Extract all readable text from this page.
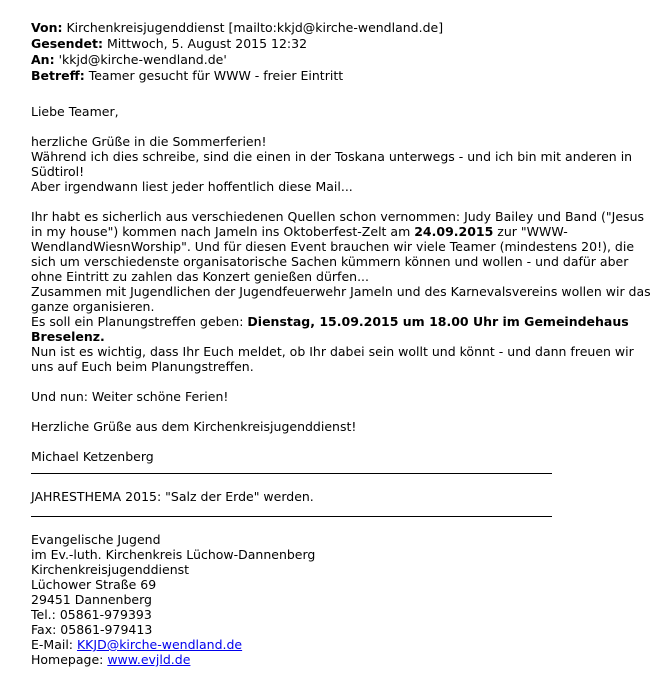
Von: Kirchenkreisjugenddienst [mailto:kkjd@kirche-wendland.de]
Gesendet: Mittwoch, 5. August 2015 12:32
An: 'kkjd@kirche-wendland.de'
Betreff: Teamer gesucht für WWW - freier Eintritt
Liebe Teamer,
herzliche Grüße in die Sommerferien!
Während ich dies schreibe, sind die einen in der Toskana unterwegs - und ich bin mit anderen in
Südtirol!
Aber irgendwann liest jeder hoffentlich diese Mail...
Ihr habt es sicherlich aus verschiedenen Quellen schon vernommen: Judy Bailey und Band ("Jesus
in my house") kommen nach Jameln ins Oktoberfest-Zelt am 24.09.2015 zur "WWW-
WendlandWiesnWorship". Und für diesen Event brauchen wir viele Teamer (mindestens 20!), die
sich um verschiedenste organisatorische Sachen kümmern können und wollen - und dafür aber
ohne Eintritt zu zahlen das Konzert genießen dürfen...
Zusammen mit Jugendlichen der Jugendfeuerwehr Jameln und des Karnevalsvereins wollen wir das
ganze organisieren.
Es soll ein Planungstreffen geben: Dienstag, 15.09.2015 um 18.00 Uhr im Gemeindehaus
Breselenz.
Nun ist es wichtig, dass Ihr Euch meldet, ob Ihr dabei sein wollt und könnt - und dann freuen wir
uns auf Euch beim Planungstreffen.
Und nun: Weiter schöne Ferien!
Herzliche Grüße aus dem Kirchenkreisjugenddienst!
Michael Ketzenberg
JAHRESTHEMA 2015: "Salz der Erde" werden.
Evangelische Jugend
im Ev.-luth. Kirchenkreis Lüchow-Dannenberg
Kirchenkreisjugenddienst
Lüchower Straße 69
29451 Dannenberg
Tel.: 05861-979393
Fax: 05861-979413
E-Mail: KKJD@kirche-wendland.de
Homepage: www.evjld.de
